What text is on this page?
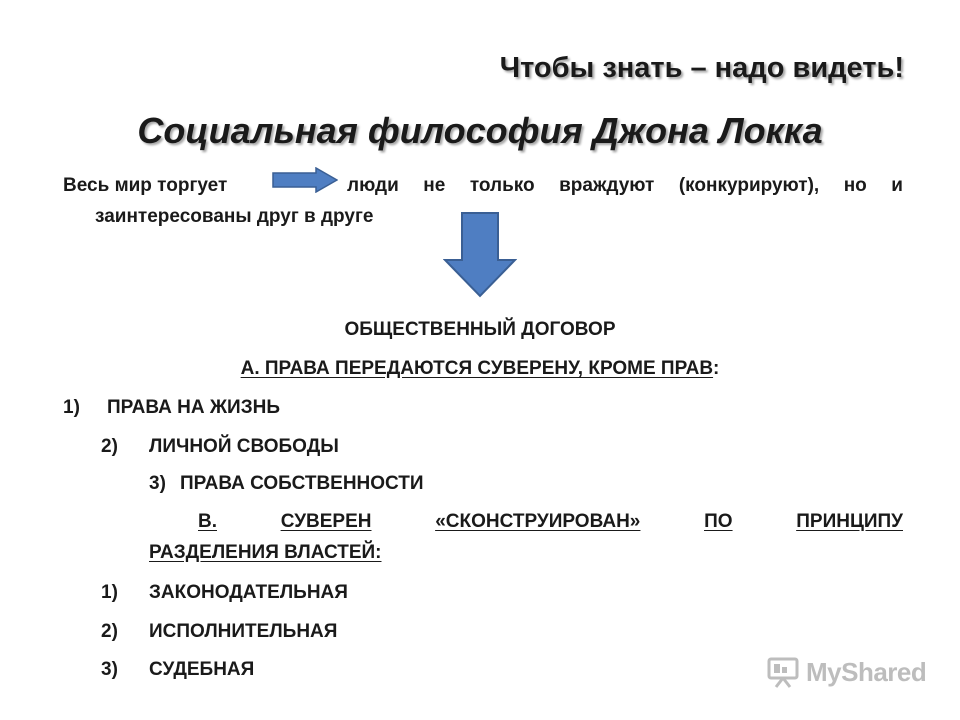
Чтобы знать – надо видеть!
Социальная философия Джона Локка
Весь мир торгует	люди не только враждуют (конкурируют), но и
заинтересованы друг в друге
ОБЩЕСТВЕННЫЙ ДОГОВОР
А. ПРАВА ПЕРЕДАЮТСЯ СУВЕРЕНУ, КРОМЕ ПРАВ:
1) ПРАВА НА ЖИЗНЬ
2) ЛИЧНОЙ СВОБОДЫ
3) ПРАВА СОБСТВЕННОСТИ
В.	СУВЕРЕН	«СКОНСТРУИРОВАН»	ПО	ПРИНЦИПУ
РАЗДЕЛЕНИЯ ВЛАСТЕЙ:
1) ЗАКОНОДАТЕЛЬНАЯ
2) ИСПОЛНИТЕЛЬНАЯ
3) СУДЕБНАЯ	MyShared
